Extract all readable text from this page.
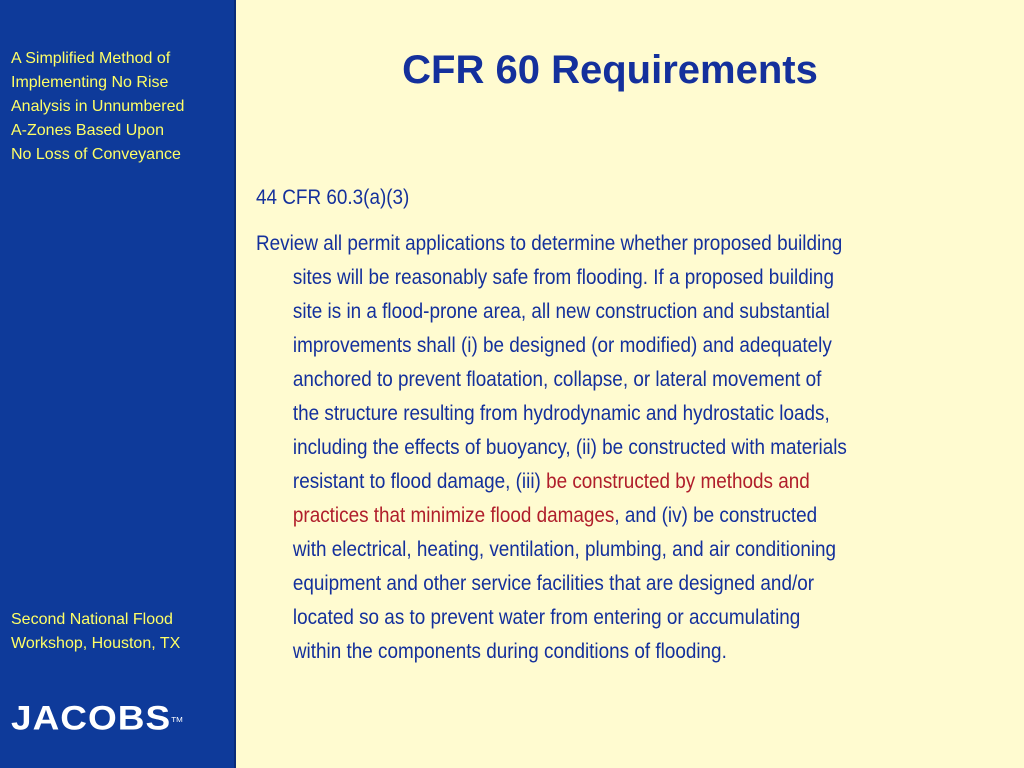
A Simplified Method of
Implementing No Rise
Analysis in Unnumbered
A-Zones Based Upon
No Loss of Conveyance
Second National Flood
Workshop, Houston, TX
JACOBS™
CFR 60 Requirements

44 CFR 60.3(a)(3)

Review all permit applications to determine whether proposed building
sites will be reasonably safe from flooding. If a proposed building
site is in a flood-prone area, all new construction and substantial
improvements shall (i) be designed (or modified) and adequately
anchored to prevent floatation, collapse, or lateral movement of
the structure resulting from hydrodynamic and hydrostatic loads,
including the effects of buoyancy, (ii) be constructed with materials
resistant to flood damage, (iii) be constructed by methods and
practices that minimize flood damages, and (iv) be constructed
with electrical, heating, ventilation, plumbing, and air conditioning
equipment and other service facilities that are designed and/or
located so as to prevent water from entering or accumulating
within the components during conditions of flooding.
